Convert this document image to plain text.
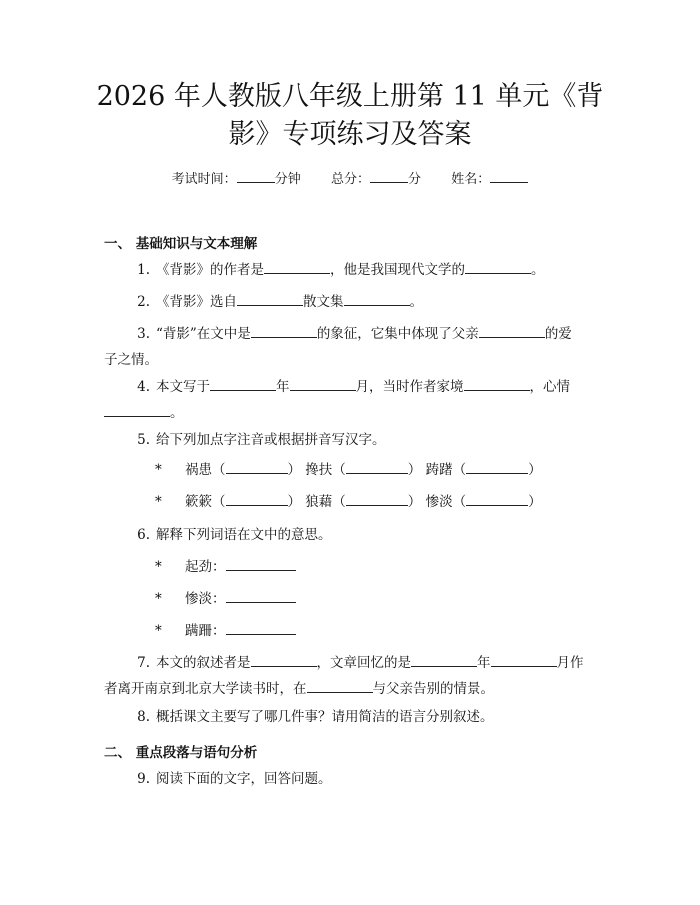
2026 年人教版八年级上册第 11 单元《背
影》专项练习及答案
考试时间：	分钟 总分：	分 姓名：
一、 基础知识与文本理解
1. 《背影》的作者是	，他是我国现代文学的	。
2. 《背影》选自	散文集	。
3. “背影”在文中是	的象征，它集中体现了父亲	的爱
子之情。
4. 本文写于	年	月，当时作者家境	，心情
。
5. 给下列加点字注音或根据拼音写汉字。
* 祸患（	） 搀扶（	） 踌躇（	）
* 簌簌（	） 狼藉（	） 惨淡（	）
6. 解释下列词语在文中的意思。
* 起劲：
* 惨淡：
* 蹒跚：
7. 本文的叙述者是	，文章回忆的是	年	月作
者离开南京到北京大学读书时，在	与父亲告别的情景。
8. 概括课文主要写了哪几件事？请用简洁的语言分别叙述。
二、 重点段落与语句分析
9. 阅读下面的文字，回答问题。
